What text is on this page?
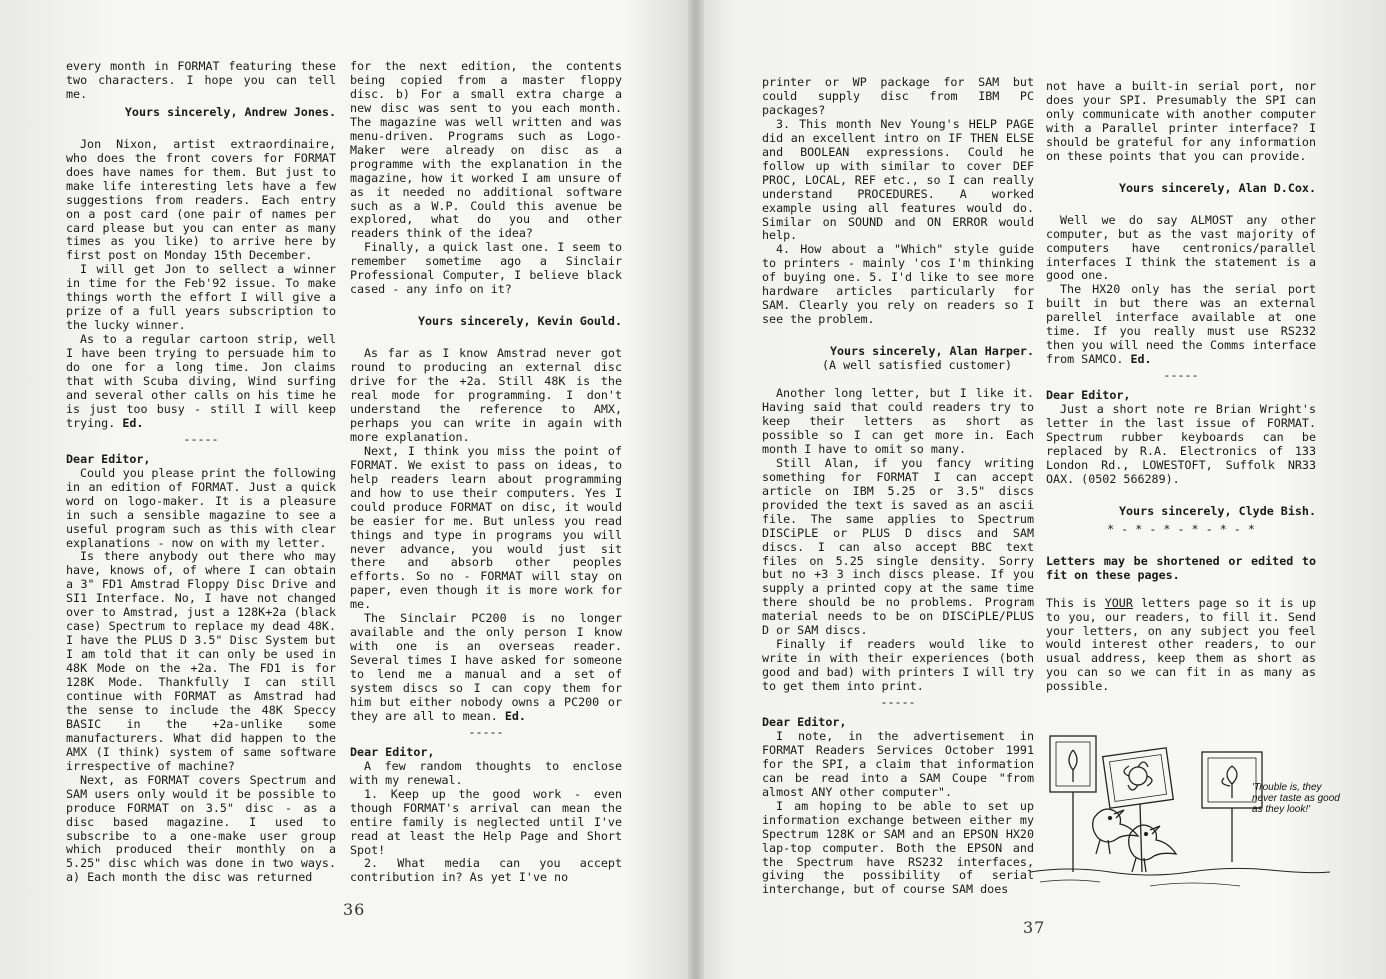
every month in FORMAT featuring these two characters. I hope you can tell me.

Yours sincerely, Andrew Jones.

Jon Nixon, artist extraordinaire, who does the front covers for FORMAT does have names for them. But just to make life interesting lets have a few suggestions from readers. Each entry on a post card (one pair of names per card please but you can enter as many times as you like) to arrive here by first post on Monday 15th December.

I will get Jon to sellect a winner in time for the Feb'92 issue. To make things worth the effort I will give a prize of a full years subscription to the lucky winner.

As to a regular cartoon strip, well I have been trying to persuade him to do one for a long time. Jon claims that with Scuba diving, Wind surfing and several other calls on his time he is just too busy - still I will keep trying. Ed.

-----

Dear Editor,

Could you please print the following in an edition of FORMAT. Just a quick word on logo-maker. It is a pleasure in such a sensible magazine to see a useful program such as this with clear explanations - now on with my letter.

Is there anybody out there who may have, knows of, of where I can obtain a 3" FD1 Amstrad Floppy Disc Drive and SI1 Interface. No, I have not changed over to Amstrad, just a 128K+2a (black case) Spectrum to replace my dead 48K. I have the PLUS D 3.5" Disc System but I am told that it can only be used in 48K Mode on the +2a. The FD1 is for 128K Mode. Thankfully I can still continue with FORMAT as Amstrad had the sense to include the 48K Speccy BASIC in the +2a-unlike some manufacturers. What did happen to the AMX (I think) system of same software irrespective of machine?

Next, as FORMAT covers Spectrum and SAM users only would it be possible to produce FORMAT on 3.5" disc - as a disc based magazine. I used to subscribe to a one-make user group which produced their monthly on a 5.25" disc which was done in two ways. a) Each month the disc was returned

for the next edition, the contents being copied from a master floppy disc. b) For a small extra charge a new disc was sent to you each month. The magazine was well written and was menu-driven. Programs such as Logo-Maker were already on disc as a programme with the explanation in the magazine, how it worked I am unsure of as it needed no additional software such as a W.P. Could this avenue be explored, what do you and other readers think of the idea?

Finally, a quick last one. I seem to remember sometime ago a Sinclair Professional Computer, I believe black cased - any info on it?

Yours sincerely, Kevin Gould.

As far as I know Amstrad never got round to producing an external disc drive for the +2a. Still 48K is the real mode for programming. I don't understand the reference to AMX, perhaps you can write in again with more explanation.

Next, I think you miss the point of FORMAT. We exist to pass on ideas, to help readers learn about programming and how to use their computers. Yes I could produce FORMAT on disc, it would be easier for me. But unless you read things and type in programs you will never advance, you would just sit there and absorb other peoples efforts. So no - FORMAT will stay on paper, even though it is more work for me.

The Sinclair PC200 is no longer available and the only person I know with one is an overseas reader. Several times I have asked for someone to lend me a manual and a set of system discs so I can copy them for him but either nobody owns a PC200 or they are all to mean. Ed.

-----

Dear Editor,

A few random thoughts to enclose with my renewal.

1. Keep up the good work - even though FORMAT's arrival can mean the entire family is neglected until I've read at least the Help Page and Short Spot!

2. What media can you accept contribution in? As yet I've no

36

printer or WP package for SAM but could supply disc from IBM PC packages?

3. This month Nev Young's HELP PAGE did an excellent intro on IF THEN ELSE and BOOLEAN expressions. Could he follow up with similar to cover DEF PROC, LOCAL, REF etc., so I can really understand PROCEDURES. A worked example using all features would do. Similar on SOUND and ON ERROR would help.

4. How about a "Which" style guide to printers - mainly 'cos I'm thinking of buying one. 5. I'd like to see more hardware articles particularly for SAM. Clearly you rely on readers so I see the problem.

Yours sincerely, Alan Harper.

(A well satisfied customer)

Another long letter, but I like it. Having said that could readers try to keep their letters as short as possible so I can get more in. Each month I have to omit so many.

Still Alan, if you fancy writing something for FORMAT I can accept article on IBM 5.25 or 3.5" discs provided the text is saved as an ascii file. The same applies to Spectrum DISCiPLE or PLUS D discs and SAM discs. I can also accept BBC text files on 5.25 single density. Sorry but no +3 3 inch discs please. If you supply a printed copy at the same time there should be no problems. Program material needs to be on DISCiPLE/PLUS D or SAM discs.

Finally if readers would like to write in with their experiences (both good and bad) with printers I will try to get them into print.

-----

Dear Editor,

I note, in the advertisement in FORMAT Readers Services October 1991 for the SPI, a claim that information can be read into a SAM Coupe "from almost ANY other computer".

I am hoping to be able to set up information exchange between either my Spectrum 128K or SAM and an EPSON HX20 lap-top computer. Both the EPSON and the Spectrum have RS232 interfaces, giving the possibility of serial interchange, but of course SAM does

not have a built-in serial port, nor does your SPI. Presumably the SPI can only communicate with another computer with a Parallel printer interface? I should be grateful for any information on these points that you can provide.

Yours sincerely, Alan D.Cox.

Well we do say ALMOST any other computer, but as the vast majority of computers have centronics/parallel interfaces I think the statement is a good one.

The HX20 only has the serial port built in but there was an external parellel interface available at one time. If you really must use RS232 then you will need the Comms interface from SAMCO. Ed.

-----

Dear Editor,

Just a short note re Brian Wright's letter in the last issue of FORMAT. Spectrum rubber keyboards can be replaced by R.A. Electronics of 133 London Rd., LOWESTOFT, Suffolk NR33 OAX. (0502 566289).

Yours sincerely, Clyde Bish.

* - * - * - * - * - *

Letters may be shortened or edited to fit on these pages.

This is YOUR letters page so it is up to you, our readers, to fill it. Send your letters, on any subject you feel would interest other readers, to our usual address, keep them as short as you can so we can fit in as many as possible.

'Trouble is, they never taste as good as they look!'
37
